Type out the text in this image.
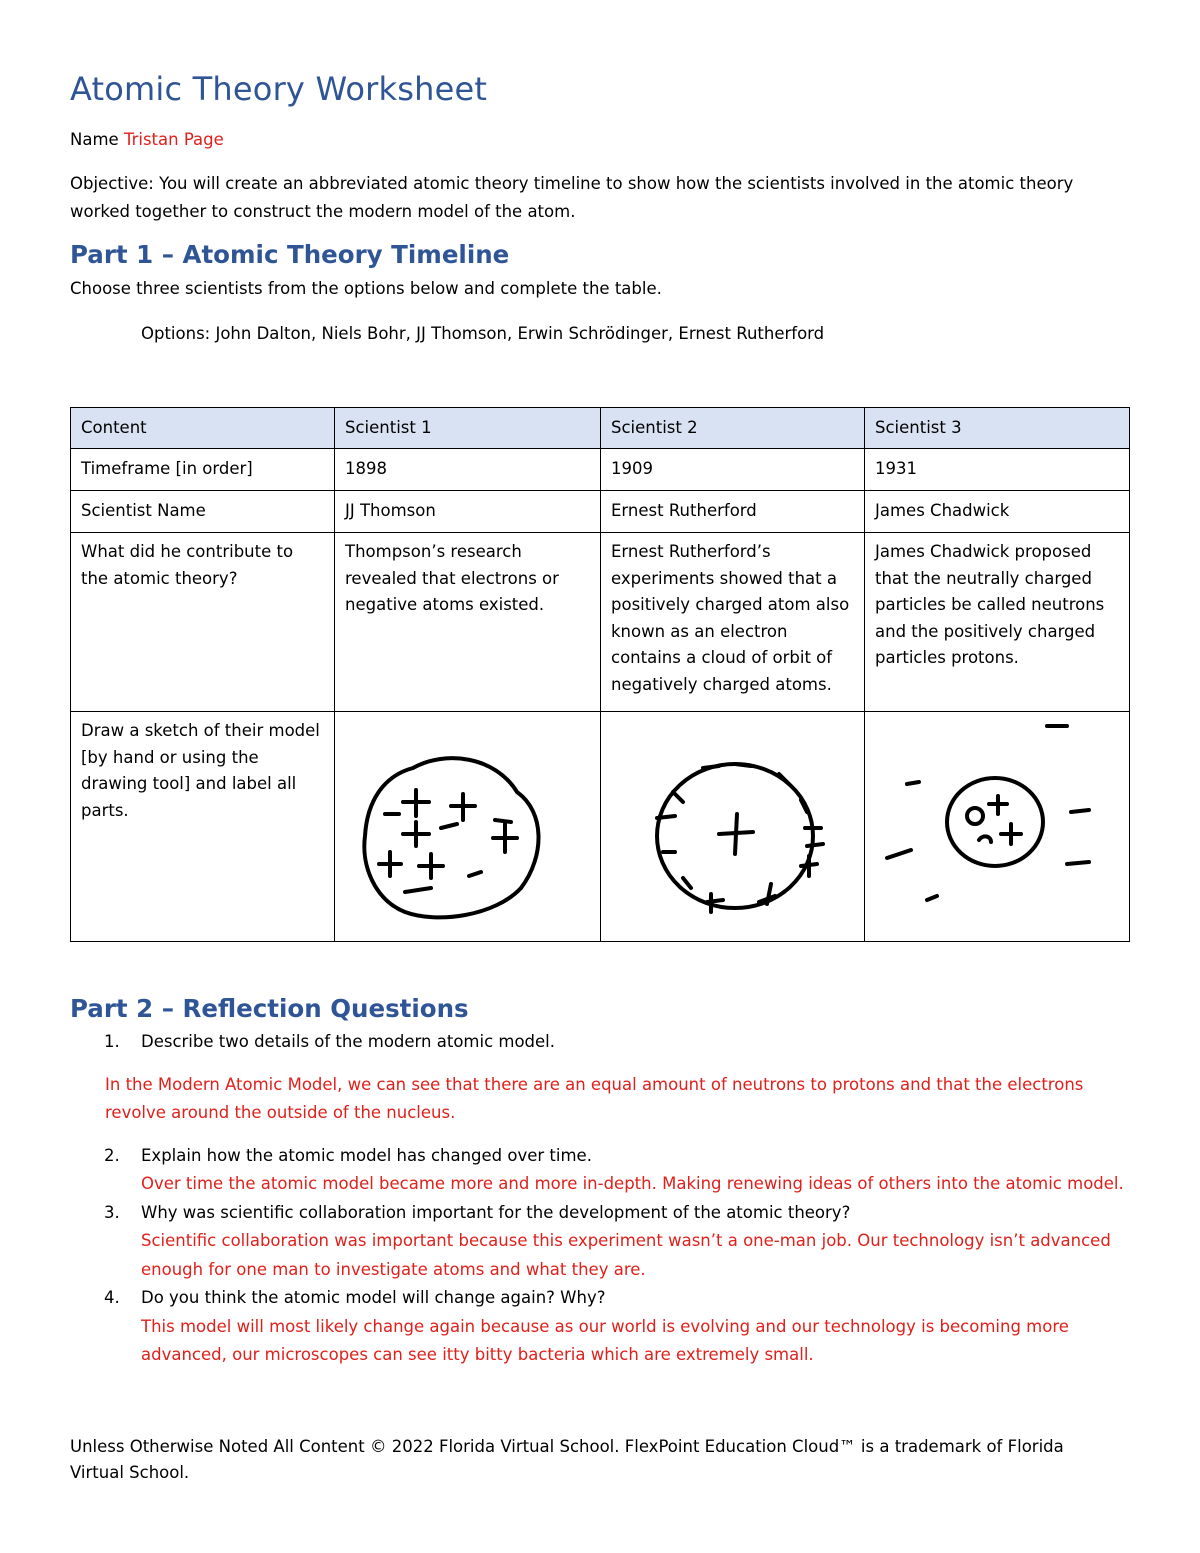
Atomic Theory Worksheet
Name Tristan Page
Objective: You will create an abbreviated atomic theory timeline to show how the scientists involved in the atomic theory worked together to construct the modern model of the atom.
Part 1 – Atomic Theory Timeline
Choose three scientists from the options below and complete the table.
Options: John Dalton, Niels Bohr, JJ Thomson, Erwin Schrödinger, Ernest Rutherford
Content	Scientist 1	Scientist 2	Scientist 3
Timeframe [in order]	1898	1909	1931
Scientist Name	JJ Thomson	Ernest Rutherford	James Chadwick
What did he contribute to the atomic theory?	Thompson’s research revealed that electrons or negative atoms existed.	Ernest Rutherford’s experiments showed that a positively charged atom also known as an electron contains a cloud of orbit of negatively charged atoms.	James Chadwick proposed that the neutrally charged particles be called neutrons and the positively charged particles protons.
Draw a sketch of their model [by hand or using the drawing tool] and label all parts.	

Part 2 – Reflection Questions
1. Describe two details of the modern atomic model.
In the Modern Atomic Model, we can see that there are an equal amount of neutrons to protons and that the electrons revolve around the outside of the nucleus.
2. Explain how the atomic model has changed over time.
Over time the atomic model became more and more in-depth. Making renewing ideas of others into the atomic model.
3. Why was scientific collaboration important for the development of the atomic theory?
Scientific collaboration was important because this experiment wasn’t a one-man job. Our technology isn’t advanced enough for one man to investigate atoms and what they are.
4. Do you think the atomic model will change again? Why?
This model will most likely change again because as our world is evolving and our technology is becoming more advanced, our microscopes can see itty bitty bacteria which are extremely small.
Unless Otherwise Noted All Content © 2022 Florida Virtual School. FlexPoint Education Cloud™ is a trademark of Florida Virtual School.
